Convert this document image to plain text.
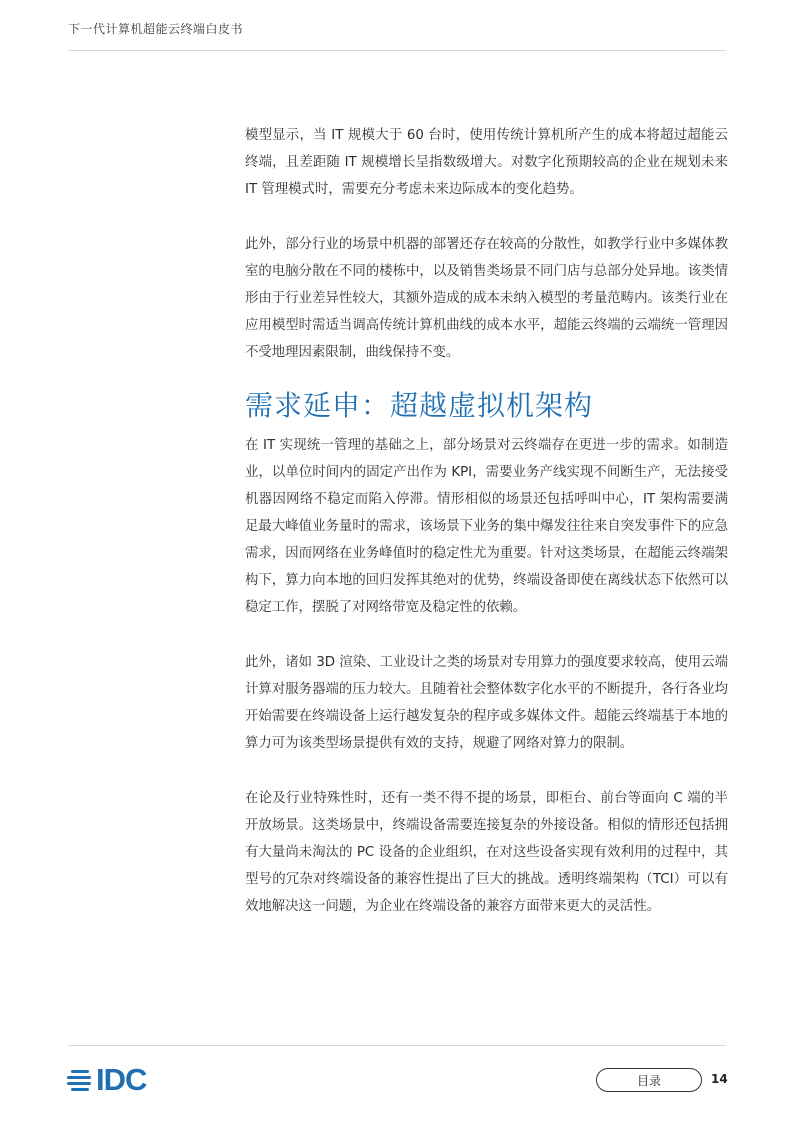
下一代计算机超能云终端白皮书

模型显示，当 IT 规模大于 60 台时，使用传统计算机所产生的成本将超过超能云终端，且差距随 IT 规模增长呈指数级增大。对数字化预期较高的企业在规划未来 IT 管理模式时，需要充分考虑未来边际成本的变化趋势。

此外，部分行业的场景中机器的部署还存在较高的分散性，如教学行业中多媒体教室的电脑分散在不同的楼栋中，以及销售类场景不同门店与总部分处异地。该类情形由于行业差异性较大，其额外造成的成本未纳入模型的考量范畴内。该类行业在应用模型时需适当调高传统计算机曲线的成本水平，超能云终端的云端统一管理因不受地理因素限制，曲线保持不变。

需求延申：超越虚拟机架构

在 IT 实现统一管理的基础之上，部分场景对云终端存在更进一步的需求。如制造业，以单位时间内的固定产出作为 KPI，需要业务产线实现不间断生产，无法接受机器因网络不稳定而陷入停滞。情形相似的场景还包括呼叫中心，IT 架构需要满足最大峰值业务量时的需求，该场景下业务的集中爆发往往来自突发事件下的应急需求，因而网络在业务峰值时的稳定性尤为重要。针对这类场景，在超能云终端架构下，算力向本地的回归发挥其绝对的优势，终端设备即使在离线状态下依然可以稳定工作，摆脱了对网络带宽及稳定性的依赖。

此外，诸如 3D 渲染、工业设计之类的场景对专用算力的强度要求较高，使用云端计算对服务器端的压力较大。且随着社会整体数字化水平的不断提升，各行各业均开始需要在终端设备上运行越发复杂的程序或多媒体文件。超能云终端基于本地的算力可为该类型场景提供有效的支持，规避了网络对算力的限制。

在论及行业特殊性时，还有一类不得不提的场景，即柜台、前台等面向 C 端的半开放场景。这类场景中，终端设备需要连接复杂的外接设备。相似的情形还包括拥有大量尚未淘汰的 PC 设备的企业组织，在对这些设备实现有效利用的过程中，其型号的冗杂对终端设备的兼容性提出了巨大的挑战。透明终端架构（TCI）可以有效地解决这一问题，为企业在终端设备的兼容方面带来更大的灵活性。

IDC	目录	14
